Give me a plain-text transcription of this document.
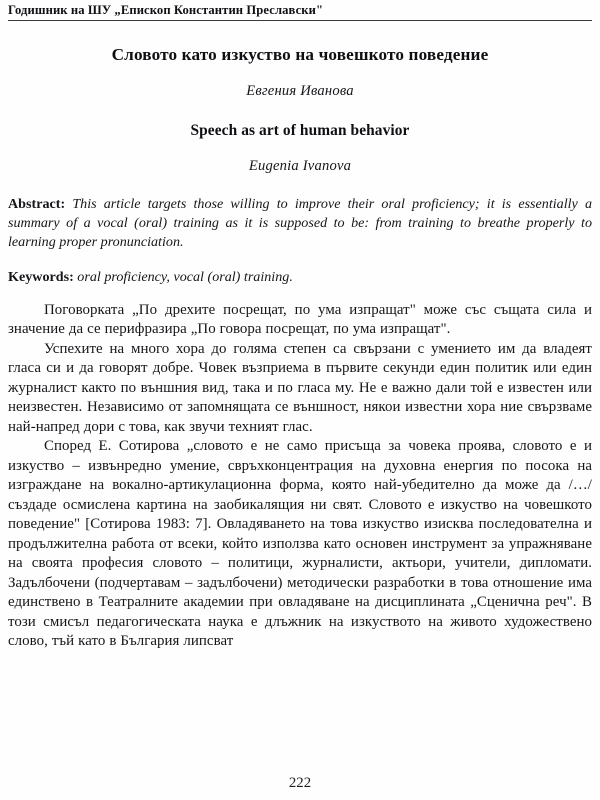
Годишник на ШУ „Епископ Константин Преславски"
Словото като изкуство на човешкото поведение
Евгения Иванова
Speech as art of human behavior
Eugenia Ivanova
Abstract: This article targets those willing to improve their oral proficiency; it is essentially a summary of a vocal (oral) training as it is supposed to be: from training to breathe properly to learning proper pronunciation.
Keywords: oral proficiency, vocal (oral) training.

Поговорката „По дрехите посрещат, по ума изпращат" може със същата сила и значение да се перифразира „По говора посрещат, по ума изпращат".

Успехите на много хора до голяма степен са свързани с умението им да владеят гласа си и да говорят добре. Човек възприема в първите секунди един политик или един журналист както по външния вид, така и по гласа му. Не е важно дали той е известен или неизвестен. Независимо от запомнящата се външност, някои известни хора ние свързваме най-напред дори с това, как звучи техният глас.

Според Е. Сотирова „словото е не само присъща за човека проява, словото е и изкуство – извънредно умение, свръхконцентрация на духовна енергия по посока на изграждане на вокално-артикулационна форма, която най-убедително да може да /…/ създаде осмислена картина на заобикалящия ни свят. Словото е изкуство на човешкото поведение" [Сотирова 1983: 7]. Овладяването на това изкуство изисква последователна и продължителна работа от всеки, който използва като основен инструмент за упражняване на своята професия словото – политици, журналисти, актьори, учители, дипломати. Задълбочени (подчертавам – задълбочени) методически разработки в това отношение има единствено в Театралните академии при овладяване на дисциплината „Сценична реч". В този смисъл педагогическата наука е длъжник на изкуството на живото художествено слово, тъй като в България липсват

222
